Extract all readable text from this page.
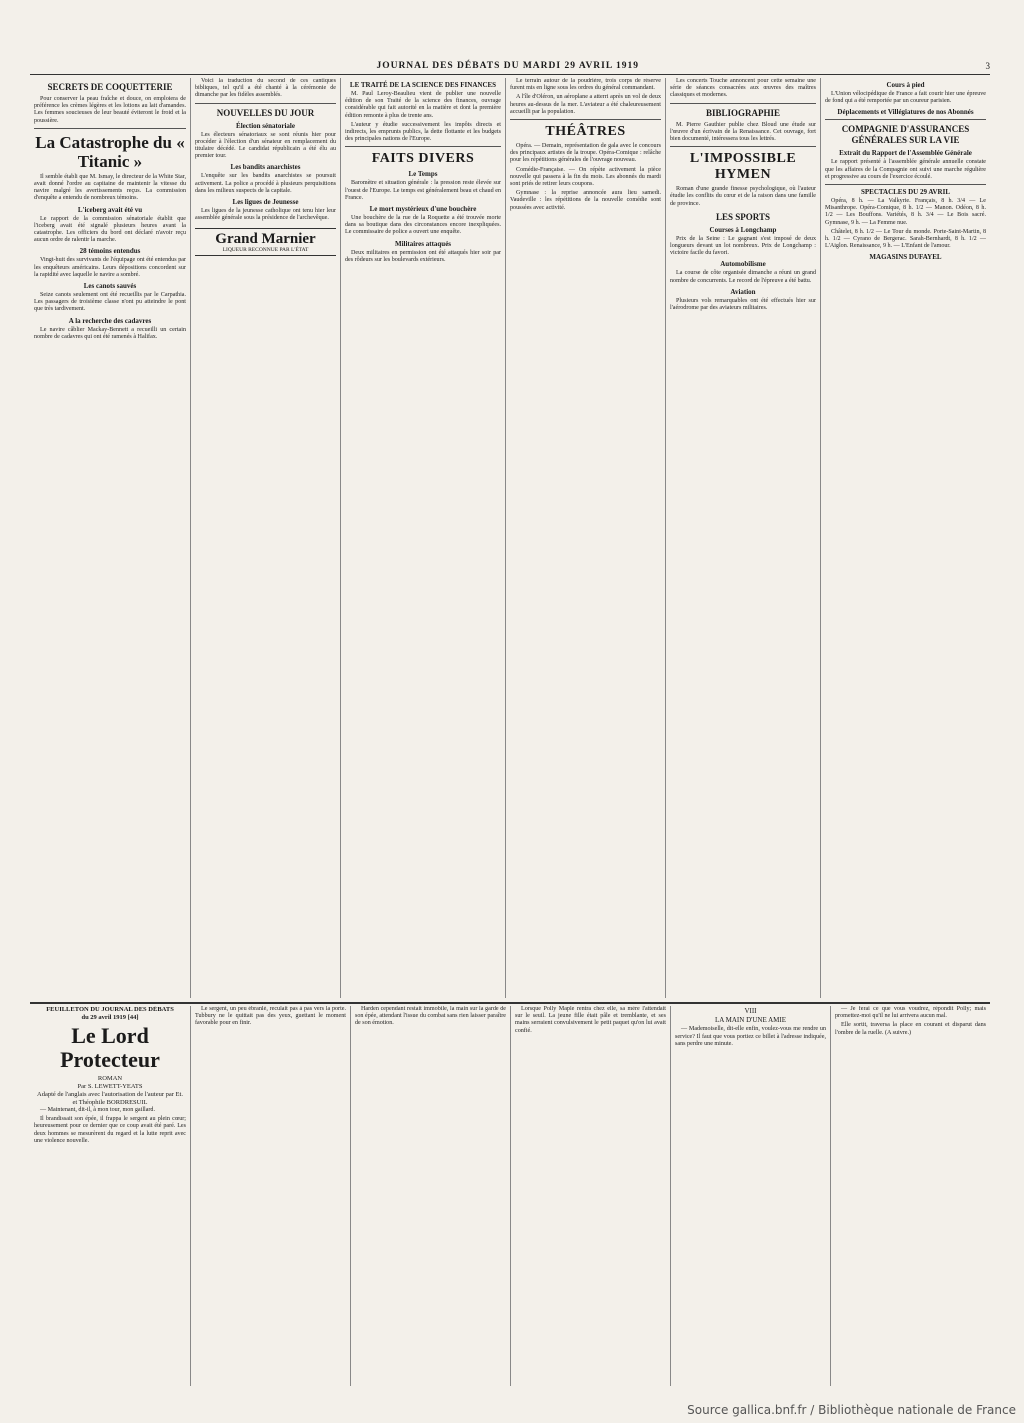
JOURNAL DES DÉBATS DU MARDI 29 AVRIL 1919	3
SECRETS DE COQUETTERIE

Pour conserver la peau fraîche et douce, on emploiera de préférence les crèmes légères et les lotions au lait d'amandes. Les femmes soucieuses de leur beauté éviteront le froid et la poussière.

La Catastrophe du « Titanic »

Il semble établi que M. Ismay, le directeur de la White Star, avait donné l'ordre au capitaine de maintenir la vitesse du navire malgré les avertissements reçus. La commission d'enquête a entendu de nombreux témoins.

L'iceberg avait été vu

Le rapport de la commission sénatoriale établit que l'iceberg avait été signalé plusieurs heures avant la catastrophe. Les officiers du bord ont déclaré n'avoir reçu aucun ordre de ralentir la marche.

28 témoins entendus

Vingt-huit des survivants de l'équipage ont été entendus par les enquêteurs américains. Leurs dépositions concordent sur la rapidité avec laquelle le navire a sombré.

Les canots sauvés

Seize canots seulement ont été recueillis par le Carpathia. Les passagers de troisième classe n'ont pu atteindre le pont que très tardivement.

A la recherche des cadavres

Le navire câblier Mackay-Bennett a recueilli un certain nombre de cadavres qui ont été ramenés à Halifax.

Voici la traduction du second de ces cantiques bibliques, tel qu'il a été chanté à la cérémonie de dimanche par les fidèles assemblés.

NOUVELLES DU JOUR
Élection sénatoriale

Les électeurs sénatoriaux se sont réunis hier pour procéder à l'élection d'un sénateur en remplacement du titulaire décédé. Le candidat républicain a été élu au premier tour.

Les bandits anarchistes

L'enquête sur les bandits anarchistes se poursuit activement. La police a procédé à plusieurs perquisitions dans les milieux suspects de la capitale.

Les ligues de Jeunesse

Les ligues de la jeunesse catholique ont tenu hier leur assemblée générale sous la présidence de l'archevêque.

Grand Marnier
LIQUEUR RECONNUE PAR L'ÉTAT
LE TRAITÉ DE LA SCIENCE DES FINANCES

M. Paul Leroy-Beaulieu vient de publier une nouvelle édition de son Traité de la science des finances, ouvrage considérable qui fait autorité en la matière et dont la première édition remonte à plus de trente ans.

L'auteur y étudie successivement les impôts directs et indirects, les emprunts publics, la dette flottante et les budgets des principales nations de l'Europe.

FAITS DIVERS
Le Temps

Baromètre et situation générale : la pression reste élevée sur l'ouest de l'Europe. Le temps est généralement beau et chaud en France.

Le mort mystérieux d'une bouchère

Une bouchère de la rue de la Roquette a été trouvée morte dans sa boutique dans des circonstances encore inexpliquées. Le commissaire de police a ouvert une enquête.

Militaires attaqués

Deux militaires en permission ont été attaqués hier soir par des rôdeurs sur les boulevards extérieurs.

Le terrain autour de la poudrière, trois corps de réserve furent mis en ligne sous les ordres du général commandant.

A l'île d'Oléron, un aéroplane a atterri après un vol de deux heures au-dessus de la mer. L'aviateur a été chaleureusement accueilli par la population.

THÉÂTRES

Opéra. — Demain, représentation de gala avec le concours des principaux artistes de la troupe. Opéra-Comique : relâche pour les répétitions générales de l'ouvrage nouveau.

Comédie-Française. — On répète activement la pièce nouvelle qui passera à la fin du mois. Les abonnés du mardi sont priés de retirer leurs coupons.

Gymnase : la reprise annoncée aura lieu samedi. Vaudeville : les répétitions de la nouvelle comédie sont poussées avec activité.

Les concerts Touche annoncent pour cette semaine une série de séances consacrées aux œuvres des maîtres classiques et modernes.

BIBLIOGRAPHIE

M. Pierre Gauthier publie chez Bloud une étude sur l'œuvre d'un écrivain de la Renaissance. Cet ouvrage, fort bien documenté, intéressera tous les lettrés.

L'IMPOSSIBLE HYMEN

Roman d'une grande finesse psychologique, où l'auteur étudie les conflits du cœur et de la raison dans une famille de province.

LES SPORTS
Courses à Longchamp

Prix de la Seine : Le gagnant s'est imposé de deux longueurs devant un lot nombreux. Prix de Longchamp : victoire facile du favori.

Automobilisme

La course de côte organisée dimanche a réuni un grand nombre de concurrents. Le record de l'épreuve a été battu.

Aviation

Plusieurs vols remarquables ont été effectués hier sur l'aérodrome par des aviateurs militaires.

Cours à pied

L'Union vélocipédique de France a fait courir hier une épreuve de fond qui a été remportée par un coureur parisien.

Déplacements et Villégiatures de nos Abonnés
COMPAGNIE D'ASSURANCES GÉNÉRALES SUR LA VIE
Extrait du Rapport de l'Assemblée Générale

Le rapport présenté à l'assemblée générale annuelle constate que les affaires de la Compagnie ont suivi une marche régulière et progressive au cours de l'exercice écoulé.

SPECTACLES DU 29 AVRIL

Opéra, 8 h. — La Valkyrie. Français, 8 h. 3/4 — Le Misanthrope. Opéra-Comique, 8 h. 1/2 — Manon. Odéon, 8 h. 1/2 — Les Bouffons. Variétés, 8 h. 3/4 — Le Bois sacré. Gymnase, 9 h. — La Femme nue.

Châtelet, 8 h. 1/2 — Le Tour du monde. Porte-Saint-Martin, 8 h. 1/2 — Cyrano de Bergerac. Sarah-Bernhardt, 8 h. 1/2 — L'Aiglon. Renaissance, 9 h. — L'Enfant de l'amour.

MAGASINS DUFAYEL
FEUILLETON DU JOURNAL DES DÉBATS
du 29 avril 1919 [44]
Le Lord Protecteur
ROMAN
Par S. LEWETT-YEATS
Adapté de l'anglais avec l'autorisation de l'auteur par Et. et Théophile BORDRESUIL

— Maintenant, dit-il, à mon tour, mon gaillard.

Il brandissait son épée, il frappa le sergent au plein cœur; heureusement pour ce dernier que ce coup avait été paré. Les deux hommes se mesurèrent du regard et la lutte reprit avec une violence nouvelle.

Le sergent, un peu ébranlé, reculait pas à pas vers la porte. Tubbury ne le quittait pas des yeux, guettant le moment favorable pour en finir.

Harden cependant restait immobile, la main sur la garde de son épée, attendant l'issue du combat sans rien laisser paraître de son émotion.

Lorsque Polly Maple rentra chez elle, sa mère l'attendait sur le seuil. La jeune fille était pâle et tremblante, et ses mains serraient convulsivement le petit paquet qu'on lui avait confié.

VIII
LA MAIN D'UNE AMIE

— Mademoiselle, dit-elle enfin, voulez-vous me rendre un service? Il faut que vous portiez ce billet à l'adresse indiquée, sans perdre une minute.

— Je ferai ce que vous voudrez, répondit Polly; mais promettez-moi qu'il ne lui arrivera aucun mal.

Elle sortit, traversa la place en courant et disparut dans l'ombre de la ruelle. (A suivre.)

Source gallica.bnf.fr / Bibliothèque nationale de France
